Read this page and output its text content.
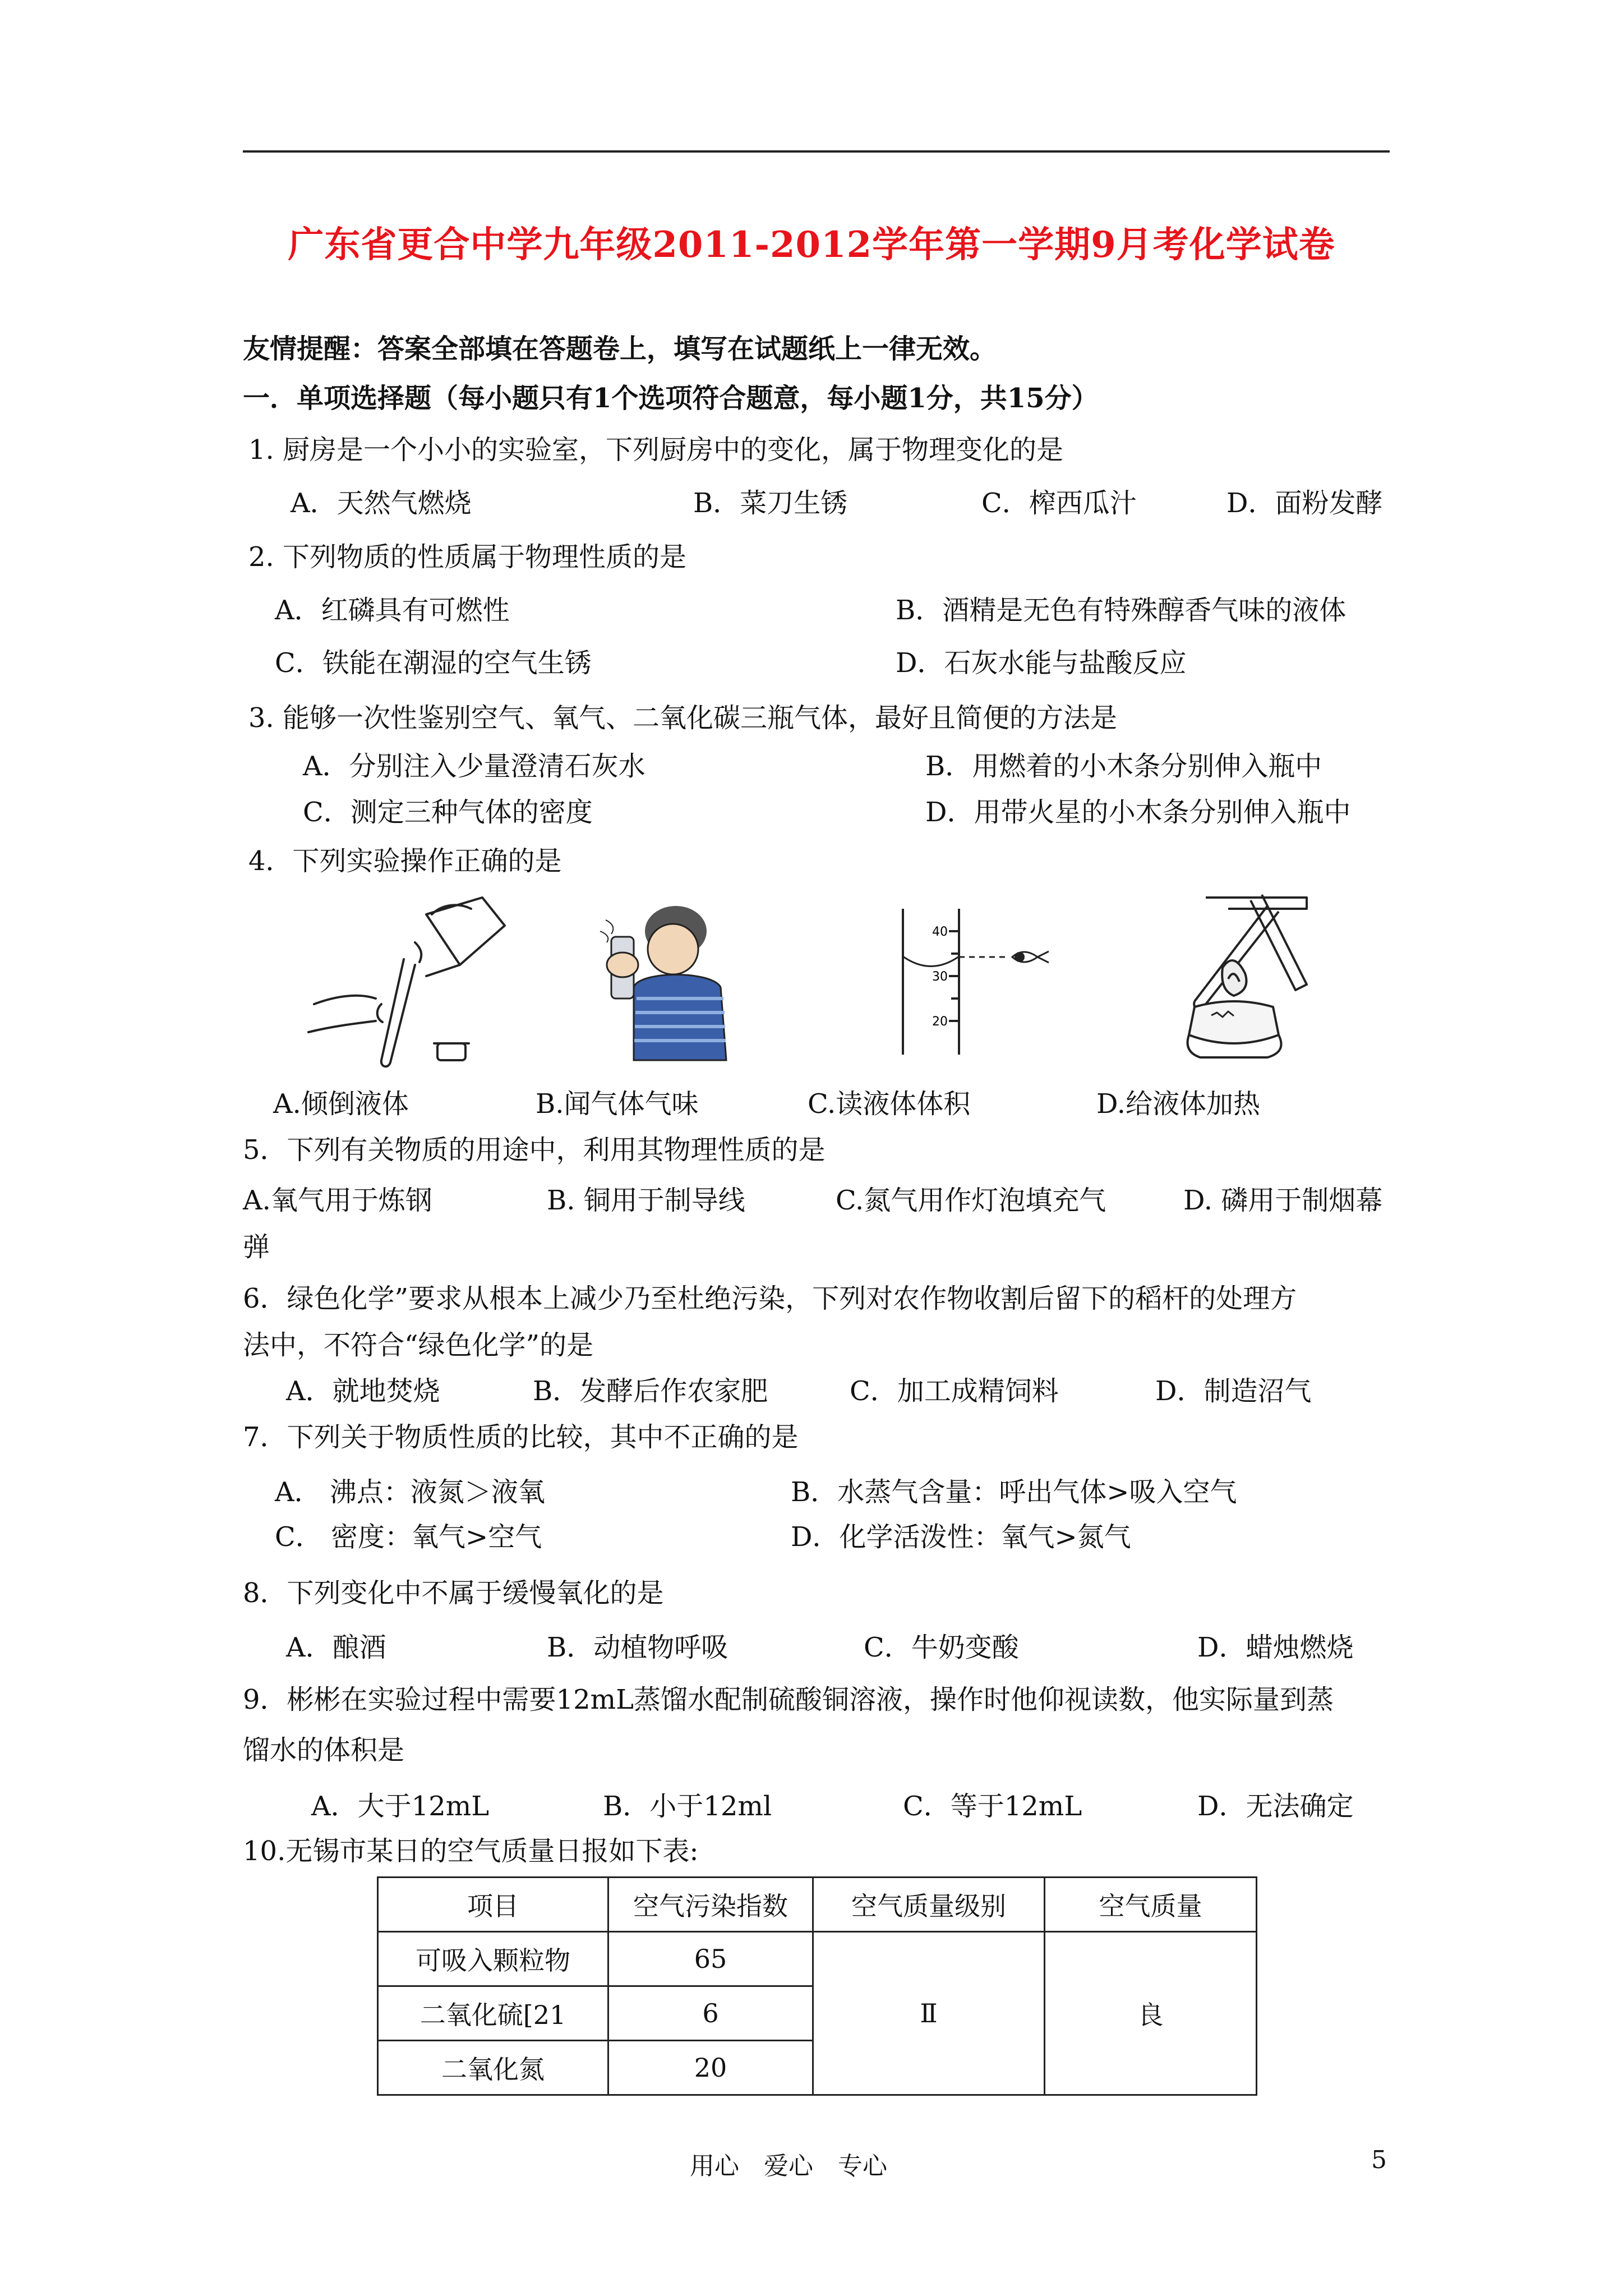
广东省更合中学九年级2011-2012学年第一学期9月考化学试卷
友情提醒：答案全部填在答题卷上，填写在试题纸上一律无效。
一．单项选择题（每小题只有1个选项符合题意，每小题1分，共15分）
1. 厨房是一个小小的实验室，下列厨房中的变化，属于物理变化的是
A．天然气燃烧	B．菜刀生锈	C．榨西瓜汁	D．面粉发酵
2. 下列物质的性质属于物理性质的是
A．红磷具有可燃性	B．酒精是无色有特殊醇香气味的液体
C．铁能在潮湿的空气生锈	D．石灰水能与盐酸反应
3. 能够一次性鉴别空气、氧气、二氧化碳三瓶气体，最好且简便的方法是
A．分别注入少量澄清石灰水	B．用燃着的小木条分别伸入瓶中
C．测定三种气体的密度	D．用带火星的小木条分别伸入瓶中
4．下列实验操作正确的是
40
30
20
A.倾倒液体	B.闻气体气味	C.读液体体积	D.给液体加热
5．下列有关物质的用途中，利用其物理性质的是
A.氧气用于炼钢	B. 铜用于制导线	C.氮气用作灯泡填充气	D. 磷用于制烟幕
弹
6．绿色化学”要求从根本上减少乃至杜绝污染，下列对农作物收割后留下的稻杆的处理方
法中，不符合“绿色化学”的是
A．就地焚烧	B．发酵后作农家肥	C．加工成精饲料	D．制造沼气
7．下列关于物质性质的比较，其中不正确的是
A． 沸点：液氮＞液氧	B．水蒸气含量：呼出气体>吸入空气
C． 密度：氧气>空气	D．化学活泼性：氧气>氮气
8．下列变化中不属于缓慢氧化的是
A．酿酒	B．动植物呼吸	C．牛奶变酸	D．蜡烛燃烧
9．彬彬在实验过程中需要12mL蒸馏水配制硫酸铜溶液，操作时他仰视读数，他实际量到蒸
馏水的体积是
A．大于12mL	B．小于12ml	C．等于12mL	D．无法确定
10.无锡市某日的空气质量日报如下表:
项目	空气污染指数	空气质量级别	空气质量
可吸入颗粒物	65	Ⅱ	良
二氧化硫[21	6		
二氧化氮	20		
用心　爱心　专心	5
